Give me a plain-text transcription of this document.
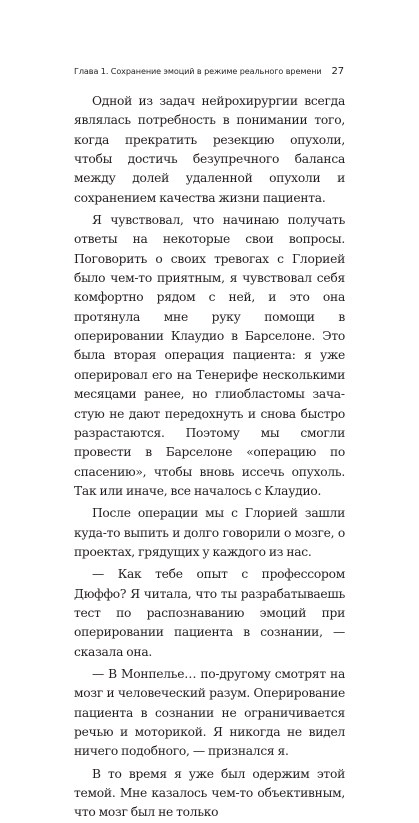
Глава 1. Сохранение эмоций в режиме реального времени 27

Одной из задач нейрохирургии всегда являлась потребность в понимании того, когда прекратить резекцию опухоли, чтобы достичь безупречного баланса между долей удаленной опухоли и сохранением качества жизни пациента.

Я чувствовал, что начинаю получать ответы на некоторые свои вопросы. Поговорить о своих тревогах с Глорией было чем-то приятным, я чувствовал себя комфортно рядом с ней, и это она протянула мне руку помощи в оперировании Клаудио в Барселоне. Это была вторая операция пациента: я уже оперировал его на Тенерифе несколькими месяцами ранее, но глиобластомы зачастую не дают передохнуть и снова быстро разрастаются. Поэтому мы смогли провести в Барселоне «операцию по спасению», чтобы вновь иссечь опухоль. Так или иначе, все началось с Клаудио.

После операции мы с Глорией зашли куда-то выпить и долго говорили о мозге, о проектах, грядущих у каждого из нас.

— Как тебе опыт с профессором Дюффо? Я читала, что ты разрабатываешь тест по распознаванию эмоций при оперировании пациента в сознании, — сказала она.

— В Монпелье… по-другому смотрят на мозг и человеческий разум. Оперирование пациента в сознании не ограничивается речью и моторикой. Я никогда не видел ничего подобного, — признался я.

В то время я уже был одержим этой темой. Мне казалось чем-то объективным, что мозг был не только
